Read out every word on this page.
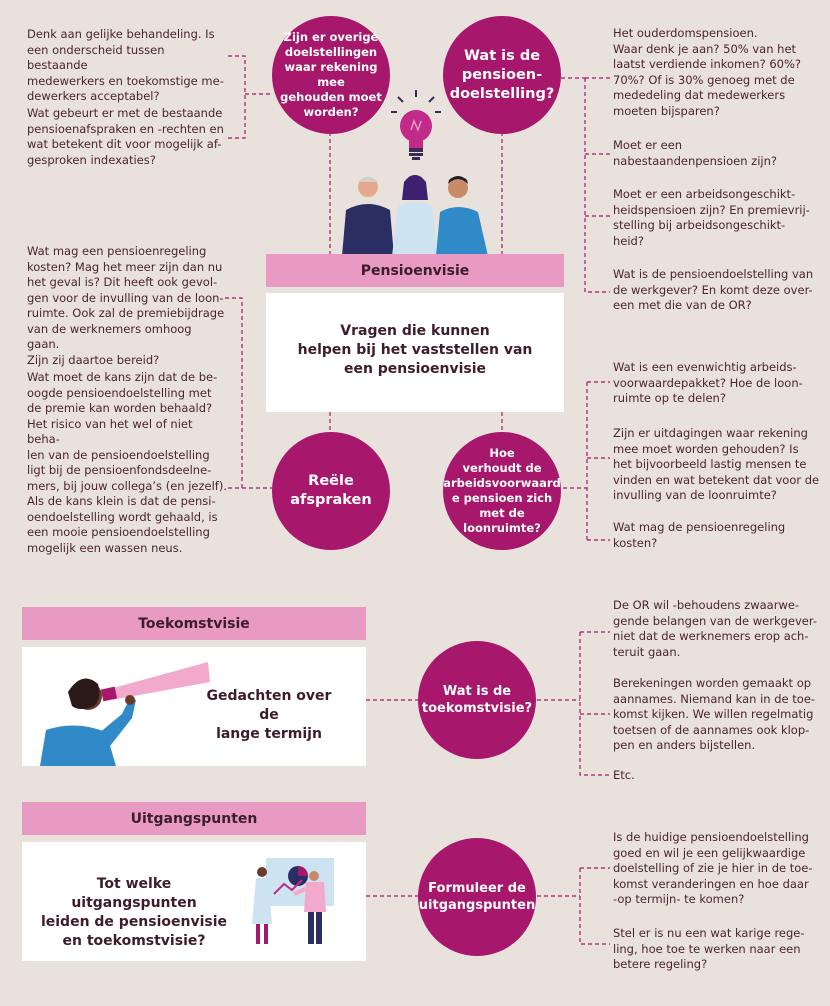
Denk aan gelijke behandeling. Is
een onderscheid tussen bestaande
medewerkers en toekomstige me-
dewerkers acceptabel?
Wat gebeurt er met de bestaande
pensioenafspraken en -rechten en
wat betekent dit voor mogelijk af-
gesproken indexaties?
Het ouderdomspensioen.
Waar denk je aan? 50% van het
laatst verdiende inkomen? 60%?
70%? Of is 30% genoeg met de
mededeling dat medewerkers
moeten bijsparen?
Moet er een
nabestaandenpensioen zijn?
Moet er een arbeidsongeschikt-
heidspensioen zijn? En premievrij-
stelling bij arbeidsongeschikt-
heid?
Wat is de pensioendoelstelling van
de werkgever? En komt deze over-
een met die van de OR?
Zijn er overige
doelstellingen
waar rekening mee
gehouden moet
worden?
Wat is de
pensioen-
doelstelling?
Pensioenvisie
Vragen die kunnen
helpen bij het vaststellen van
een pensioenvisie
Wat mag een pensioenregeling
kosten? Mag het meer zijn dan nu
het geval is? Dit heeft ook gevol-
gen voor de invulling van de loon-
ruimte. Ook zal de premiebijdrage
van de werknemers omhoog gaan.
Zijn zij daartoe bereid?
Wat moet de kans zijn dat de be-
oogde pensioendoelstelling met
de premie kan worden behaald?
Het risico van het wel of niet beha-
len van de pensioendoelstelling
ligt bij de pensioenfondsdeelne-
mers, bij jouw collega’s (en jezelf).
Als de kans klein is dat de pensi-
oendoelstelling wordt gehaald, is
een mooie pensioendoelstelling
mogelijk een wassen neus.
Wat is een evenwichtig arbeids-
voorwaardepakket? Hoe de loon-
ruimte op te delen?
Zijn er uitdagingen waar rekening
mee moet worden gehouden? Is
het bijvoorbeeld lastig mensen te
vinden en wat betekent dat voor de
invulling van de loonruimte?
Wat mag de pensioenregeling
kosten?
Reële
afspraken
Hoe
verhoudt de
arbeidsvoorwaard
e pensioen zich
met de
loonruimte?
Toekomstvisie
Gedachten over de
lange termijn
Wat is de
toekomstvisie?
De OR wil -behoudens zwaarwe-
gende belangen van de werkgever-
niet dat de werknemers erop ach-
teruit gaan.
Berekeningen worden gemaakt op
aannames. Niemand kan in de toe-
komst kijken. We willen regelmatig
toetsen of de aannames ook klop-
pen en anders bijstellen.
Etc.
Uitgangspunten
Tot welke uitgangspunten
leiden de pensioenvisie
en toekomstvisie?
Formuleer de
uitgangspunten
Is de huidige pensioendoelstelling
goed en wil je een gelijkwaardige
doelstelling of zie je hier in de toe-
komst veranderingen en hoe daar
-op termijn- te komen?
Stel er is nu een wat karige rege-
ling, hoe toe te werken naar een
betere regeling?
